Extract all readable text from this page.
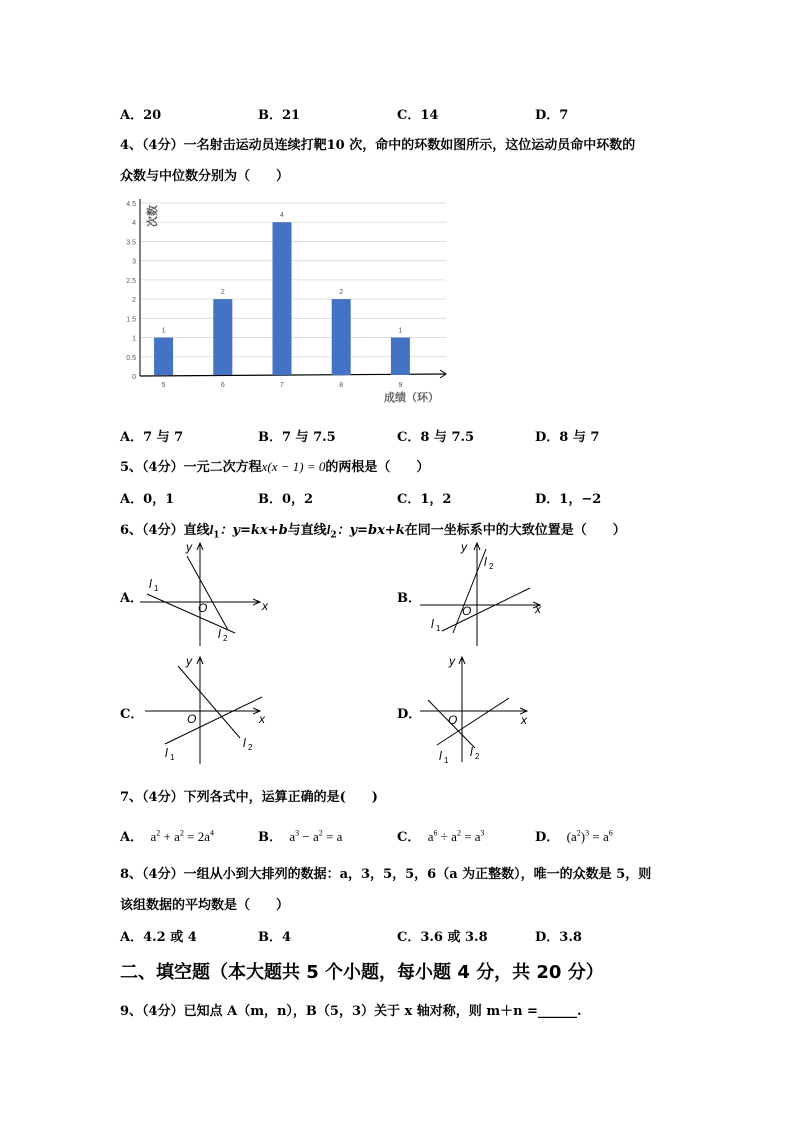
A．20	B．21	C．14	D．7
4、（4分）一名射击运动员连续打靶10 次，命中的环数如图所示，这位运动员命中环数的
众数与中位数分别为（　　）
0
0.5
1
1.5
2
2.5
3
3.5
4
4.5
1
5
2
6
4
7
2
8
1
9
次数
成绩（环）
A．7 与 7	B．7 与 7.5	C．8 与 7.5	D．8 与 7
5、（4分）一元二次方程x(x − 1) = 0的两根是（　　）
A．0，1	B．0，2	C．1，2	D．1，−2
6、（4分）直线$l_1$：y=kx+b与直线$l_2$：y=bx+k在同一坐标系中的大致位置是（　　）
A．	B．
C．	D．
y
x
O
l 1
l 2
y
x
O
l 1
l 2
y
x
O
l 1
l 2
y
x
O
l 1
l 2
7、（4分）下列各式中，运算正确的是(　　)
A．  $a^2 + a^2 = 2a^4$	B．  $a^3 - a^2 = a$	C．  $a^6 \div a^2 = a^3$	D．  $(a^2)^3 = a^6$
8、（4分）一组从小到大排列的数据：a，3，5，5，6（a 为正整数），唯一的众数是 5，则
该组数据的平均数是（　　）
A．4.2 或 4	B．4	C．3.6 或 3.8	D．3.8
二、填空题（本大题共 5 个小题，每小题 4 分，共 20 分）
9、（4分）已知点 A（m，n），B（5，3）关于 x 轴对称，则 m＋n =______.
